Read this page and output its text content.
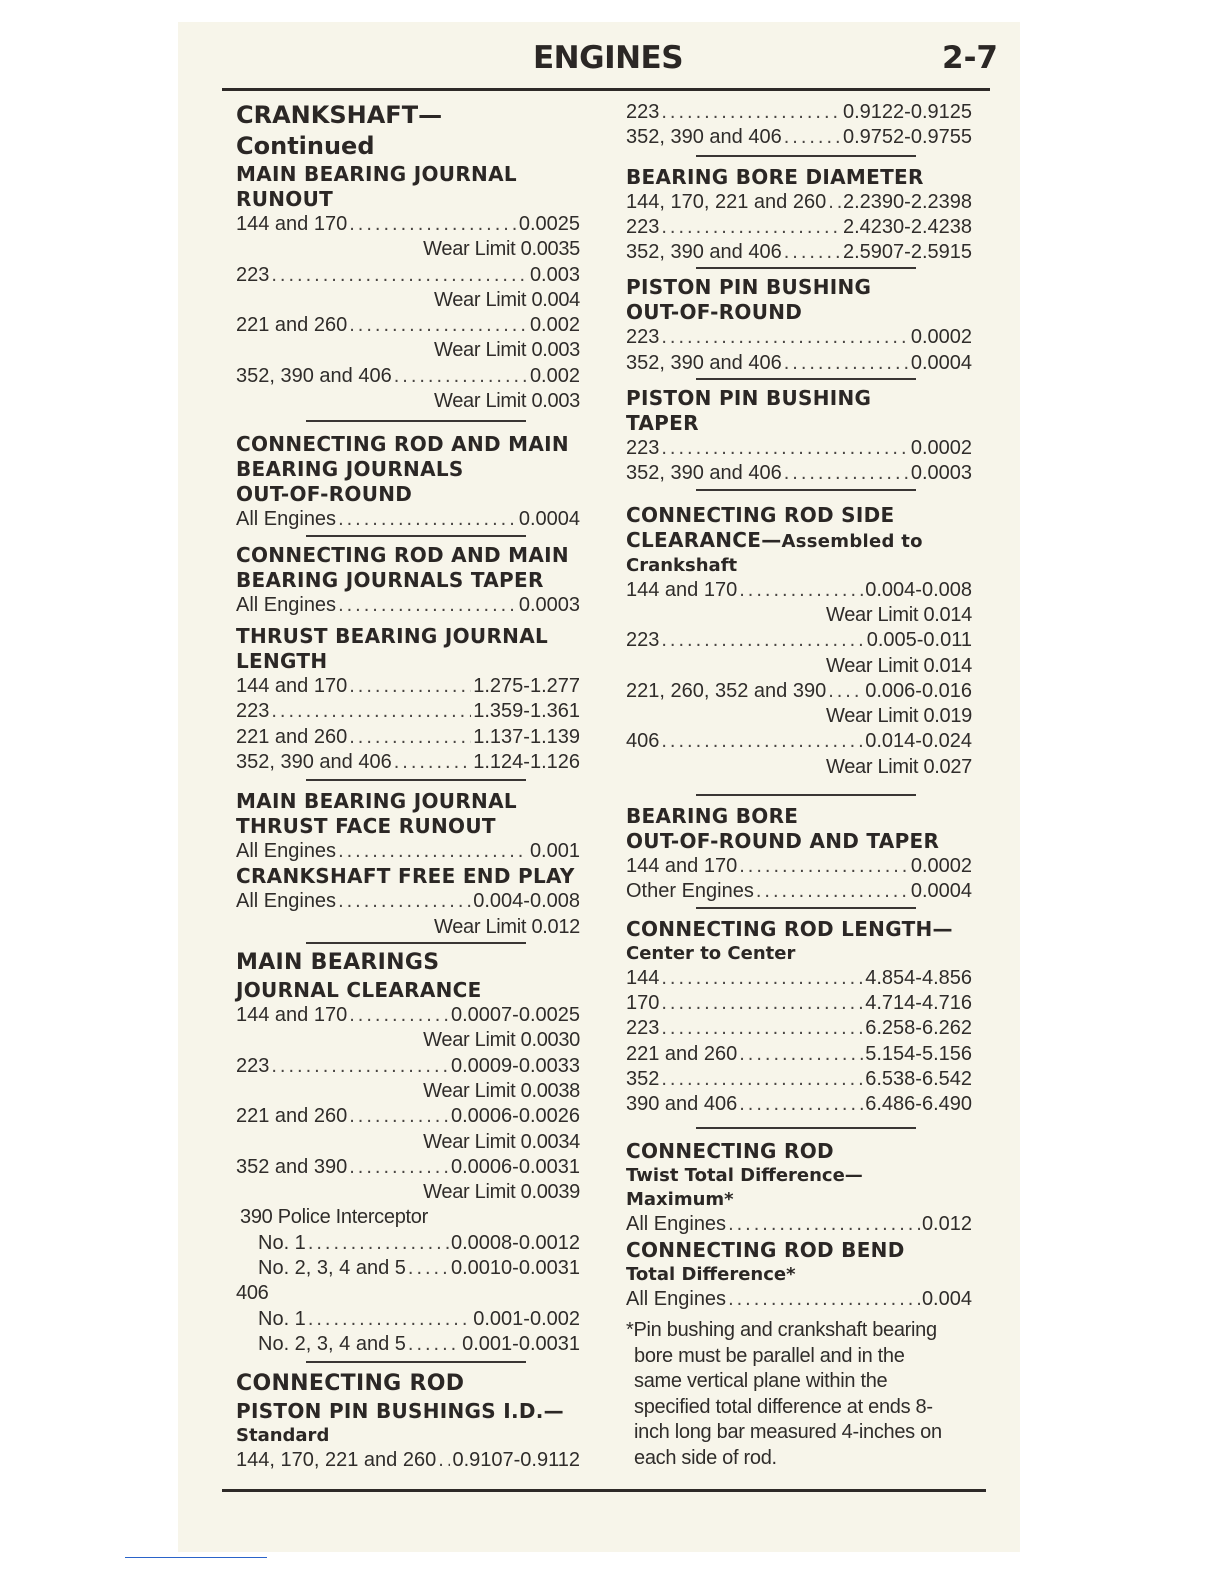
ENGINES	2-7
CRANKSHAFT—
Continued
MAIN BEARING JOURNAL
RUNOUT
144 and 170 .....	0.0025
Wear Limit 0.0035
223 .....	0.003
Wear Limit 0.004
221 and 260 .....	0.002
Wear Limit 0.003
352, 390 and 406 .....	0.002
Wear Limit 0.003
CONNECTING ROD AND MAIN
BEARING JOURNALS
OUT-OF-ROUND
All Engines .....	0.0004
CONNECTING ROD AND MAIN
BEARING JOURNALS TAPER
All Engines .....	0.0003
THRUST BEARING JOURNAL
LENGTH
144 and 170 .....	1.275-1.277
223 .....	1.359-1.361
221 and 260 .....	1.137-1.139
352, 390 and 406 .....	1.124-1.126
MAIN BEARING JOURNAL
THRUST FACE RUNOUT
All Engines .....	0.001
CRANKSHAFT FREE END PLAY
All Engines .....	0.004-0.008
Wear Limit 0.012
MAIN BEARINGS
JOURNAL CLEARANCE
144 and 170 .....	0.0007-0.0025
Wear Limit 0.0030
223 .....	0.0009-0.0033
Wear Limit 0.0038
221 and 260 .....	0.0006-0.0026
Wear Limit 0.0034
352 and 390 .....	0.0006-0.0031
Wear Limit 0.0039
390 Police Interceptor
No. 1 .....	0.0008-0.0012
No. 2, 3, 4 and 5 ..... 0.0010-0.0031
406
No. 1 .....	0.001-0.002
No. 2, 3, 4 and 5 .....	0.001-0.0031
CONNECTING ROD
PISTON PIN BUSHINGS I.D.—
Standard
144, 170, 221 and 260 ..... 0.9107-0.9112
223 .....	0.9122-0.9125
352, 390 and 406 .....	0.9752-0.9755
BEARING BORE DIAMETER
144, 170, 221 and 260 ..... 2.2390-2.2398
223 .....	2.4230-2.4238
352, 390 and 406 .....	2.5907-2.5915
PISTON PIN BUSHING
OUT-OF-ROUND
223 .....	0.0002
352, 390 and 406 .....	0.0004
PISTON PIN BUSHING
TAPER
223 .....	0.0002
352, 390 and 406 .....	0.0003
CONNECTING ROD SIDE
CLEARANCE—Assembled to
Crankshaft
144 and 170 .....	0.004-0.008
Wear Limit 0.014
223 .....	0.005-0.011
Wear Limit 0.014
221, 260, 352 and 390 ..... 0.006-0.016
Wear Limit 0.019
406 .....	0.014-0.024
Wear Limit 0.027
BEARING BORE
OUT-OF-ROUND AND TAPER
144 and 170 .....	0.0002
Other Engines .....	0.0004
CONNECTING ROD LENGTH—
Center to Center
144 .....	4.854-4.856
170 .....	4.714-4.716
223 .....	6.258-6.262
221 and 260 .....	5.154-5.156
352 .....	6.538-6.542
390 and 406 .....	6.486-6.490
CONNECTING ROD
Twist Total Difference—
Maximum*
All Engines .....	0.012
CONNECTING ROD BEND
Total Difference*
All Engines .....	0.004
*Pin bushing and crankshaft bearing
bore must be parallel and in the
same vertical plane within the
specified total difference at ends 8-
inch long bar measured 4-inches on
each side of rod.
